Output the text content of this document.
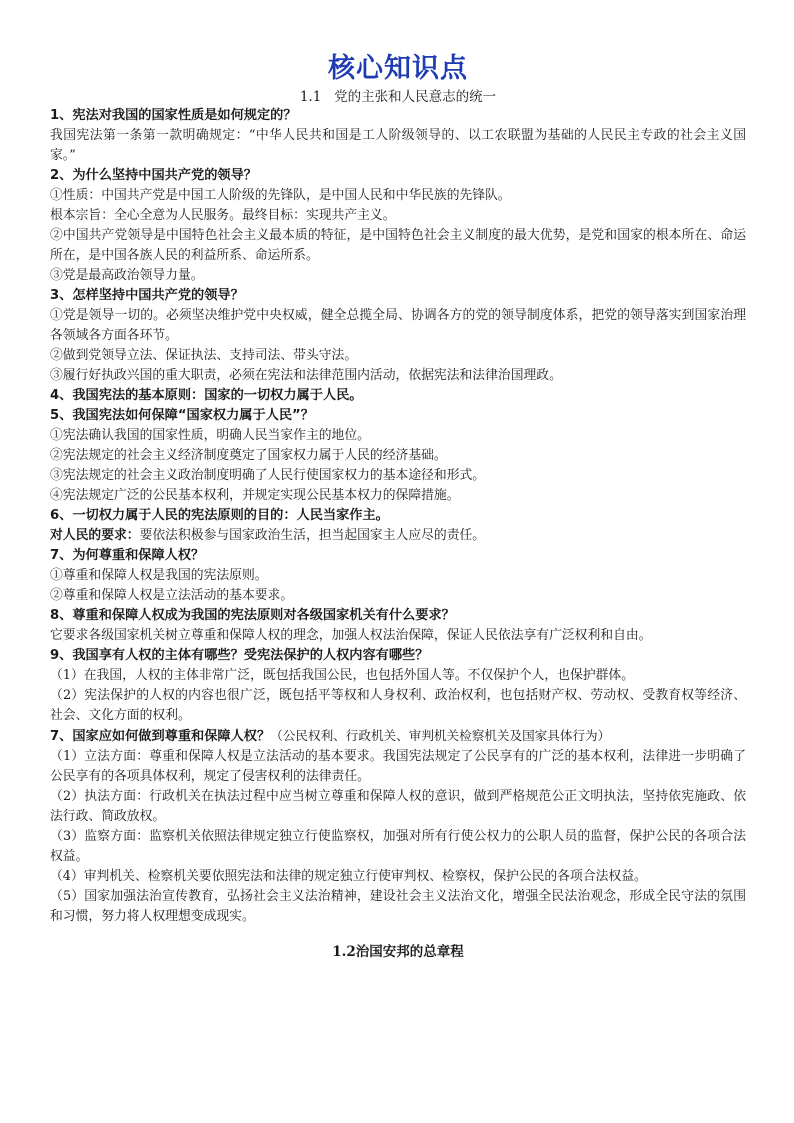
核心知识点
1.1 党的主张和人民意志的统一

1、宪法对我国的国家性质是如何规定的？

我国宪法第一条第一款明确规定：“中华人民共和国是工人阶级领导的、以工农联盟为基础的人民民主专政的社会主义国家。”

2、为什么坚持中国共产党的领导？

①性质：中国共产党是中国工人阶级的先锋队，是中国人民和中华民族的先锋队。

根本宗旨：全心全意为人民服务。最终目标：实现共产主义。

②中国共产党领导是中国特色社会主义最本质的特征，是中国特色社会主义制度的最大优势，是党和国家的根本所在、命运所在，是中国各族人民的利益所系、命运所系。

③党是最高政治领导力量。

3、怎样坚持中国共产党的领导？

①党是领导一切的。必须坚决维护党中央权威，健全总揽全局、协调各方的党的领导制度体系，把党的领导落实到国家治理各领域各方面各环节。

②做到党领导立法、保证执法、支持司法、带头守法。

③履行好执政兴国的重大职责，必须在宪法和法律范围内活动，依据宪法和法律治国理政。

4、我国宪法的基本原则：国家的一切权力属于人民。

5、我国宪法如何保障“国家权力属于人民”？

①宪法确认我国的国家性质，明确人民当家作主的地位。

②宪法规定的社会主义经济制度奠定了国家权力属于人民的经济基础。

③宪法规定的社会主义政治制度明确了人民行使国家权力的基本途径和形式。

④宪法规定广泛的公民基本权利，并规定实现公民基本权力的保障措施。

6、一切权力属于人民的宪法原则的目的：人民当家作主。

对人民的要求：要依法积极参与国家政治生活，担当起国家主人应尽的责任。

7、为何尊重和保障人权？

①尊重和保障人权是我国的宪法原则。

②尊重和保障人权是立法活动的基本要求。

8、尊重和保障人权成为我国的宪法原则对各级国家机关有什么要求？

它要求各级国家机关树立尊重和保障人权的理念，加强人权法治保障，保证人民依法享有广泛权利和自由。

9、我国享有人权的主体有哪些？受宪法保护的人权内容有哪些？

（1）在我国，人权的主体非常广泛，既包括我国公民，也包括外国人等。不仅保护个人，也保护群体。

（2）宪法保护的人权的内容也很广泛，既包括平等权和人身权利、政治权利，也包括财产权、劳动权、受教育权等经济、社会、文化方面的权利。

7、国家应如何做到尊重和保障人权？（公民权利、行政机关、审判机关检察机关及国家具体行为）

（1）立法方面：尊重和保障人权是立法活动的基本要求。我国宪法规定了公民享有的广泛的基本权利，法律进一步明确了公民享有的各项具体权利，规定了侵害权利的法律责任。

（2）执法方面：行政机关在执法过程中应当树立尊重和保障人权的意识，做到严格规范公正文明执法，坚持依宪施政、依法行政、简政放权。

（3）监察方面：监察机关依照法律规定独立行使监察权，加强对所有行使公权力的公职人员的监督，保护公民的各项合法权益。

（4）审判机关、检察机关要依照宪法和法律的规定独立行使审判权、检察权，保护公民的各项合法权益。

（5）国家加强法治宣传教育，弘扬社会主义法治精神，建设社会主义法治文化，增强全民法治观念，形成全民守法的氛围和习惯，努力将人权理想变成现实。

1.2治国安邦的总章程
